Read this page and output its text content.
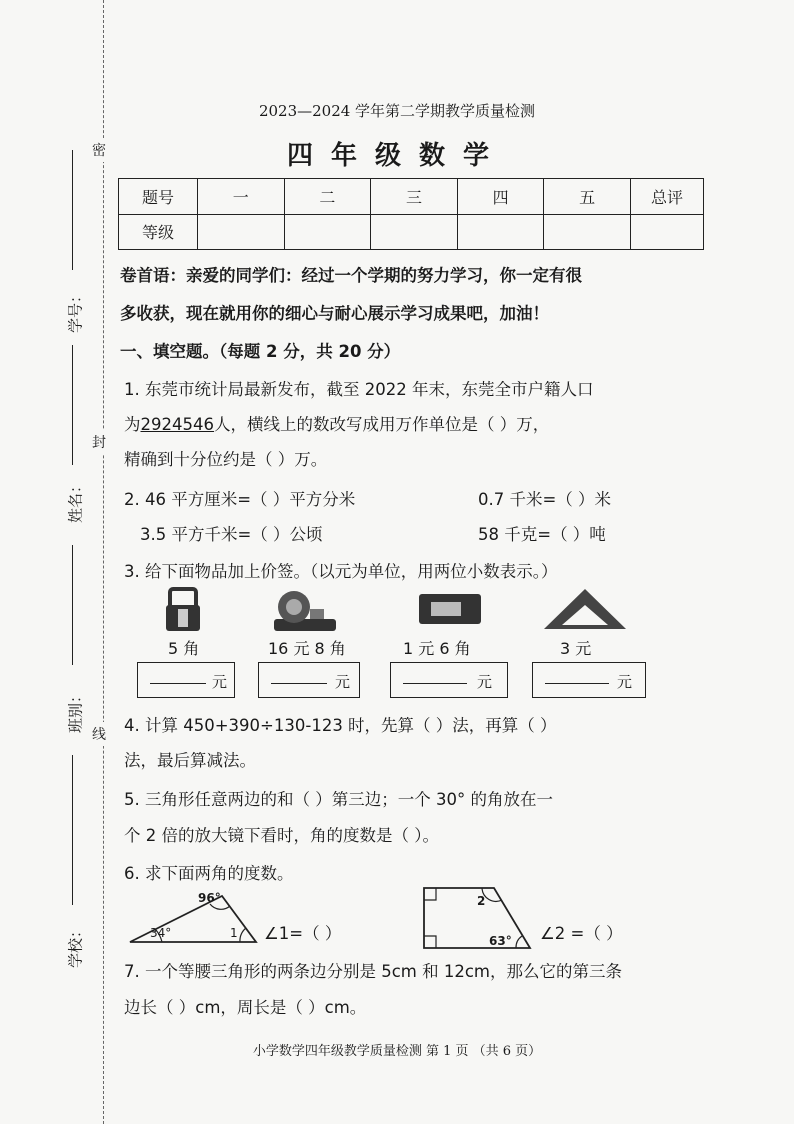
密
封
线
学号：
姓名：
班别：
学校：
2023—2024 学年第二学期教学质量检测
四年级数学
题号	一	二	三	四	五	总评
等级						
卷首语：亲爱的同学们：经过一个学期的努力学习，你一定有很
多收获，现在就用你的细心与耐心展示学习成果吧，加油！
一、填空题。（每题 2 分，共 20 分）
1. 东莞市统计局最新发布，截至 2022 年末，东莞全市户籍人口
为2924546人，横线上的数改写成用万作单位是（ ）万，
精确到十分位约是（ ）万。
2. 46 平方厘米=（ ）平方分米	0.7 千米=（ ）米
3.5 平方千米=（ ）公顷	58 千克=（ ）吨
3. 给下面物品加上价签。（以元为单位，用两位小数表示。）
5 角	16 元 8 角	1 元 6 角	3 元
元	元	元	元
4. 计算 450+390÷130-123 时，先算（ ）法，再算（ ）
法，最后算减法。
5. 三角形任意两边的和（ ）第三边；一个 30° 的角放在一
个 2 倍的放大镜下看时，角的度数是（ ）。
6. 求下面两角的度数。
96°
34°	1 ∠1=（ ）
2
63° ∠2 =（ ）
7. 一个等腰三角形的两条边分别是 5cm 和 12cm，那么它的第三条
边长（ ）cm，周长是（ ）cm。
小学数学四年级教学质量检测 第 1 页 （共 6 页）
